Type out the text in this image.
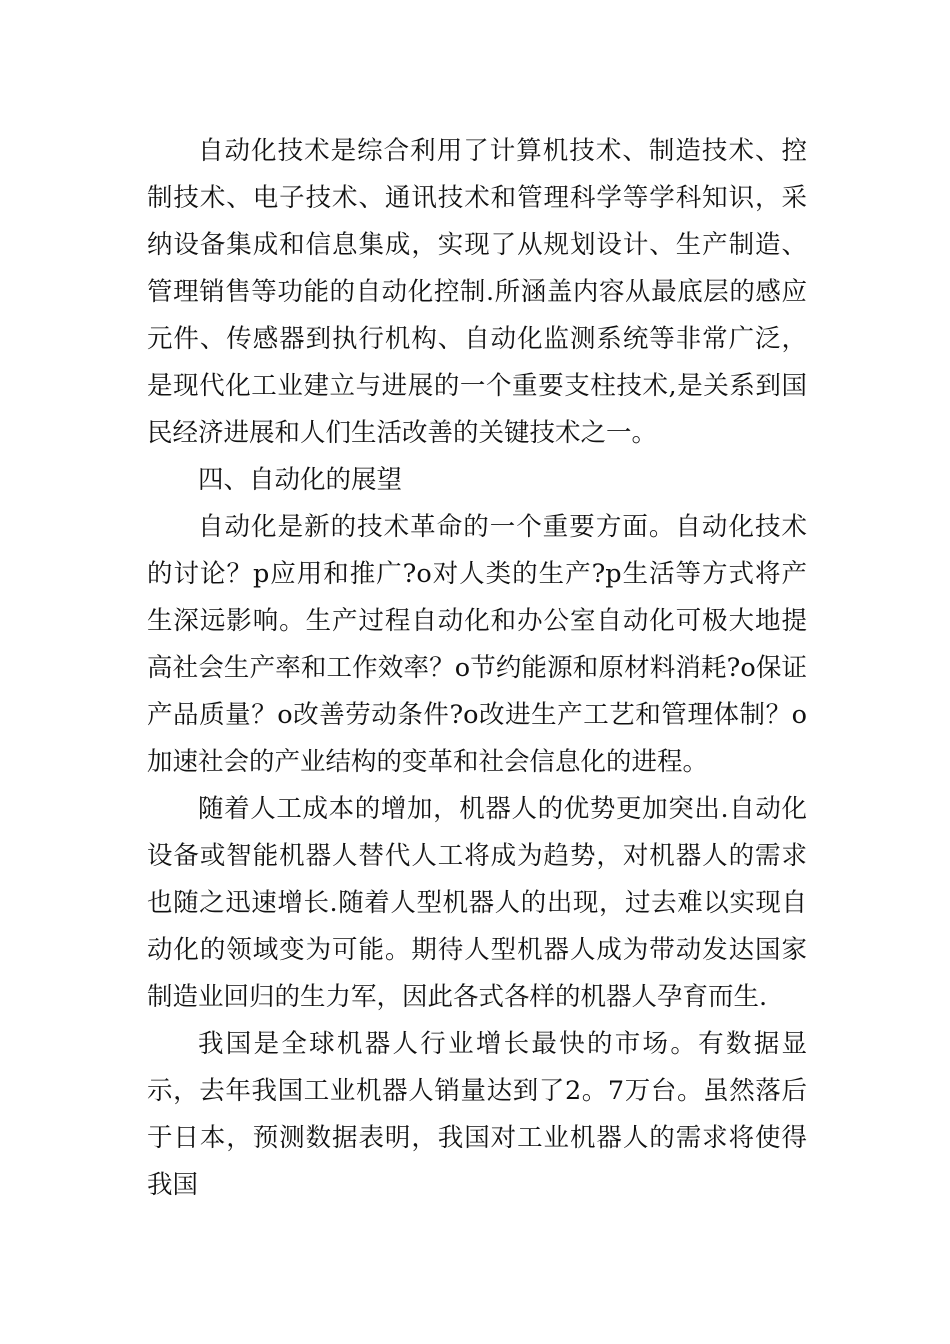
自动化技术是综合利用了计算机技术、制造技术、控制技术、电子技术、通讯技术和管理科学等学科知识，采纳设备集成和信息集成，实现了从规划设计、生产制造、管理销售等功能的自动化控制.所涵盖内容从最底层的感应元件、传感器到执行机构、自动化监测系统等非常广泛，是现代化工业建立与进展的一个重要支柱技术,是关系到国民经济进展和人们生活改善的关键技术之一。

四、自动化的展望

自动化是新的技术革命的一个重要方面。自动化技术的讨论？p应用和推广?o对人类的生产?p生活等方式将产生深远影响。生产过程自动化和办公室自动化可极大地提高社会生产率和工作效率？o节约能源和原材料消耗?o保证产品质量？o改善劳动条件?o改进生产工艺和管理体制？o加速社会的产业结构的变革和社会信息化的进程。

随着人工成本的增加，机器人的优势更加突出.自动化设备或智能机器人替代人工将成为趋势，对机器人的需求也随之迅速增长.随着人型机器人的出现，过去难以实现自动化的领域变为可能。期待人型机器人成为带动发达国家制造业回归的生力军，因此各式各样的机器人孕育而生.

我国是全球机器人行业增长最快的市场。有数据显示，去年我国工业机器人销量达到了2。7万台。虽然落后于日本，预测数据表明，我国对工业机器人的需求将使得我国
